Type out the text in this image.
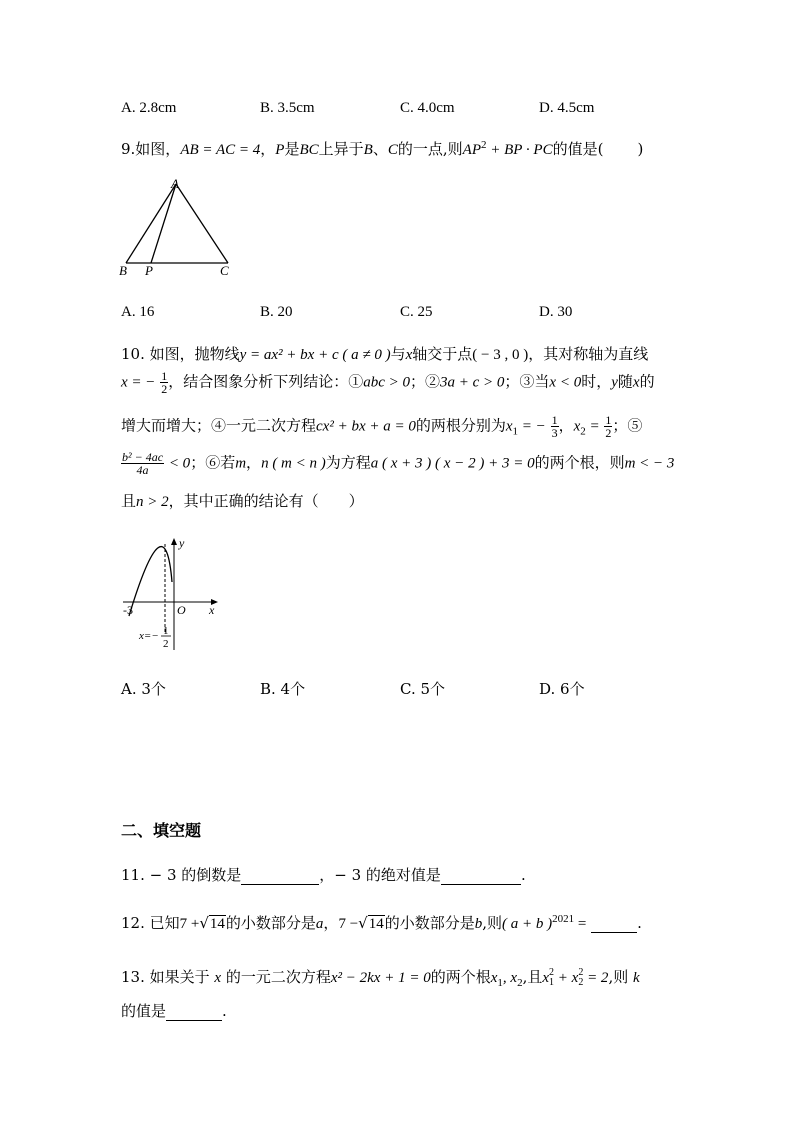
A. 2.8cm	B. 3.5cm	C. 4.0cm	D. 4.5cm
9.如图，AB = AC = 4，P是BC上异于B、C的一点,则$AP^2$ + BP · PC的值是( )
A
B P	C
A. 16	B. 20	C. 25	D. 30
10. 如图，抛物线y = ax² + bx + c ( a ≠ 0 )与x轴交于点( − 3 , 0 )，其对称轴为直线
x = − $\frac{1}{2}$ ，结合图象分析下列结论：①abc > 0；②3a + c > 0；③当x < 0时，y随x的
增大而增大；④一元二次方程cx² + bx + a = 0的两根分别为$x_1$ = − $\frac{1}{3}$ ，$x_2 = \frac{1}{2}$ ；⑤
$\frac{\text{b² − 4ac}}{4a} < 0$；⑥若m，n ( m < n )为方程a ( x + 3 ) ( x − 2 ) + 3 = 0的两个根，则m < − 3
且n > 2，其中正确的结论有（ ）
y
x
O
-3
x=− 1
2
A. 3个	B. 4个	C. 5个	D. 6个
二、填空题
11. − 3 的倒数是	，− 3 的绝对值是	.
12. 已知7 +√14的小数部分是a，7 −√14的小数部分是b,则( a + b )$^{2021}$ =	.
13. 如果关于 x 的一元二次方程x² − 2kx + 1 = 0的两个根$x_1$, $x_2$,且x 2
1 + x 2
2 = 2,则 k
的值是	.
